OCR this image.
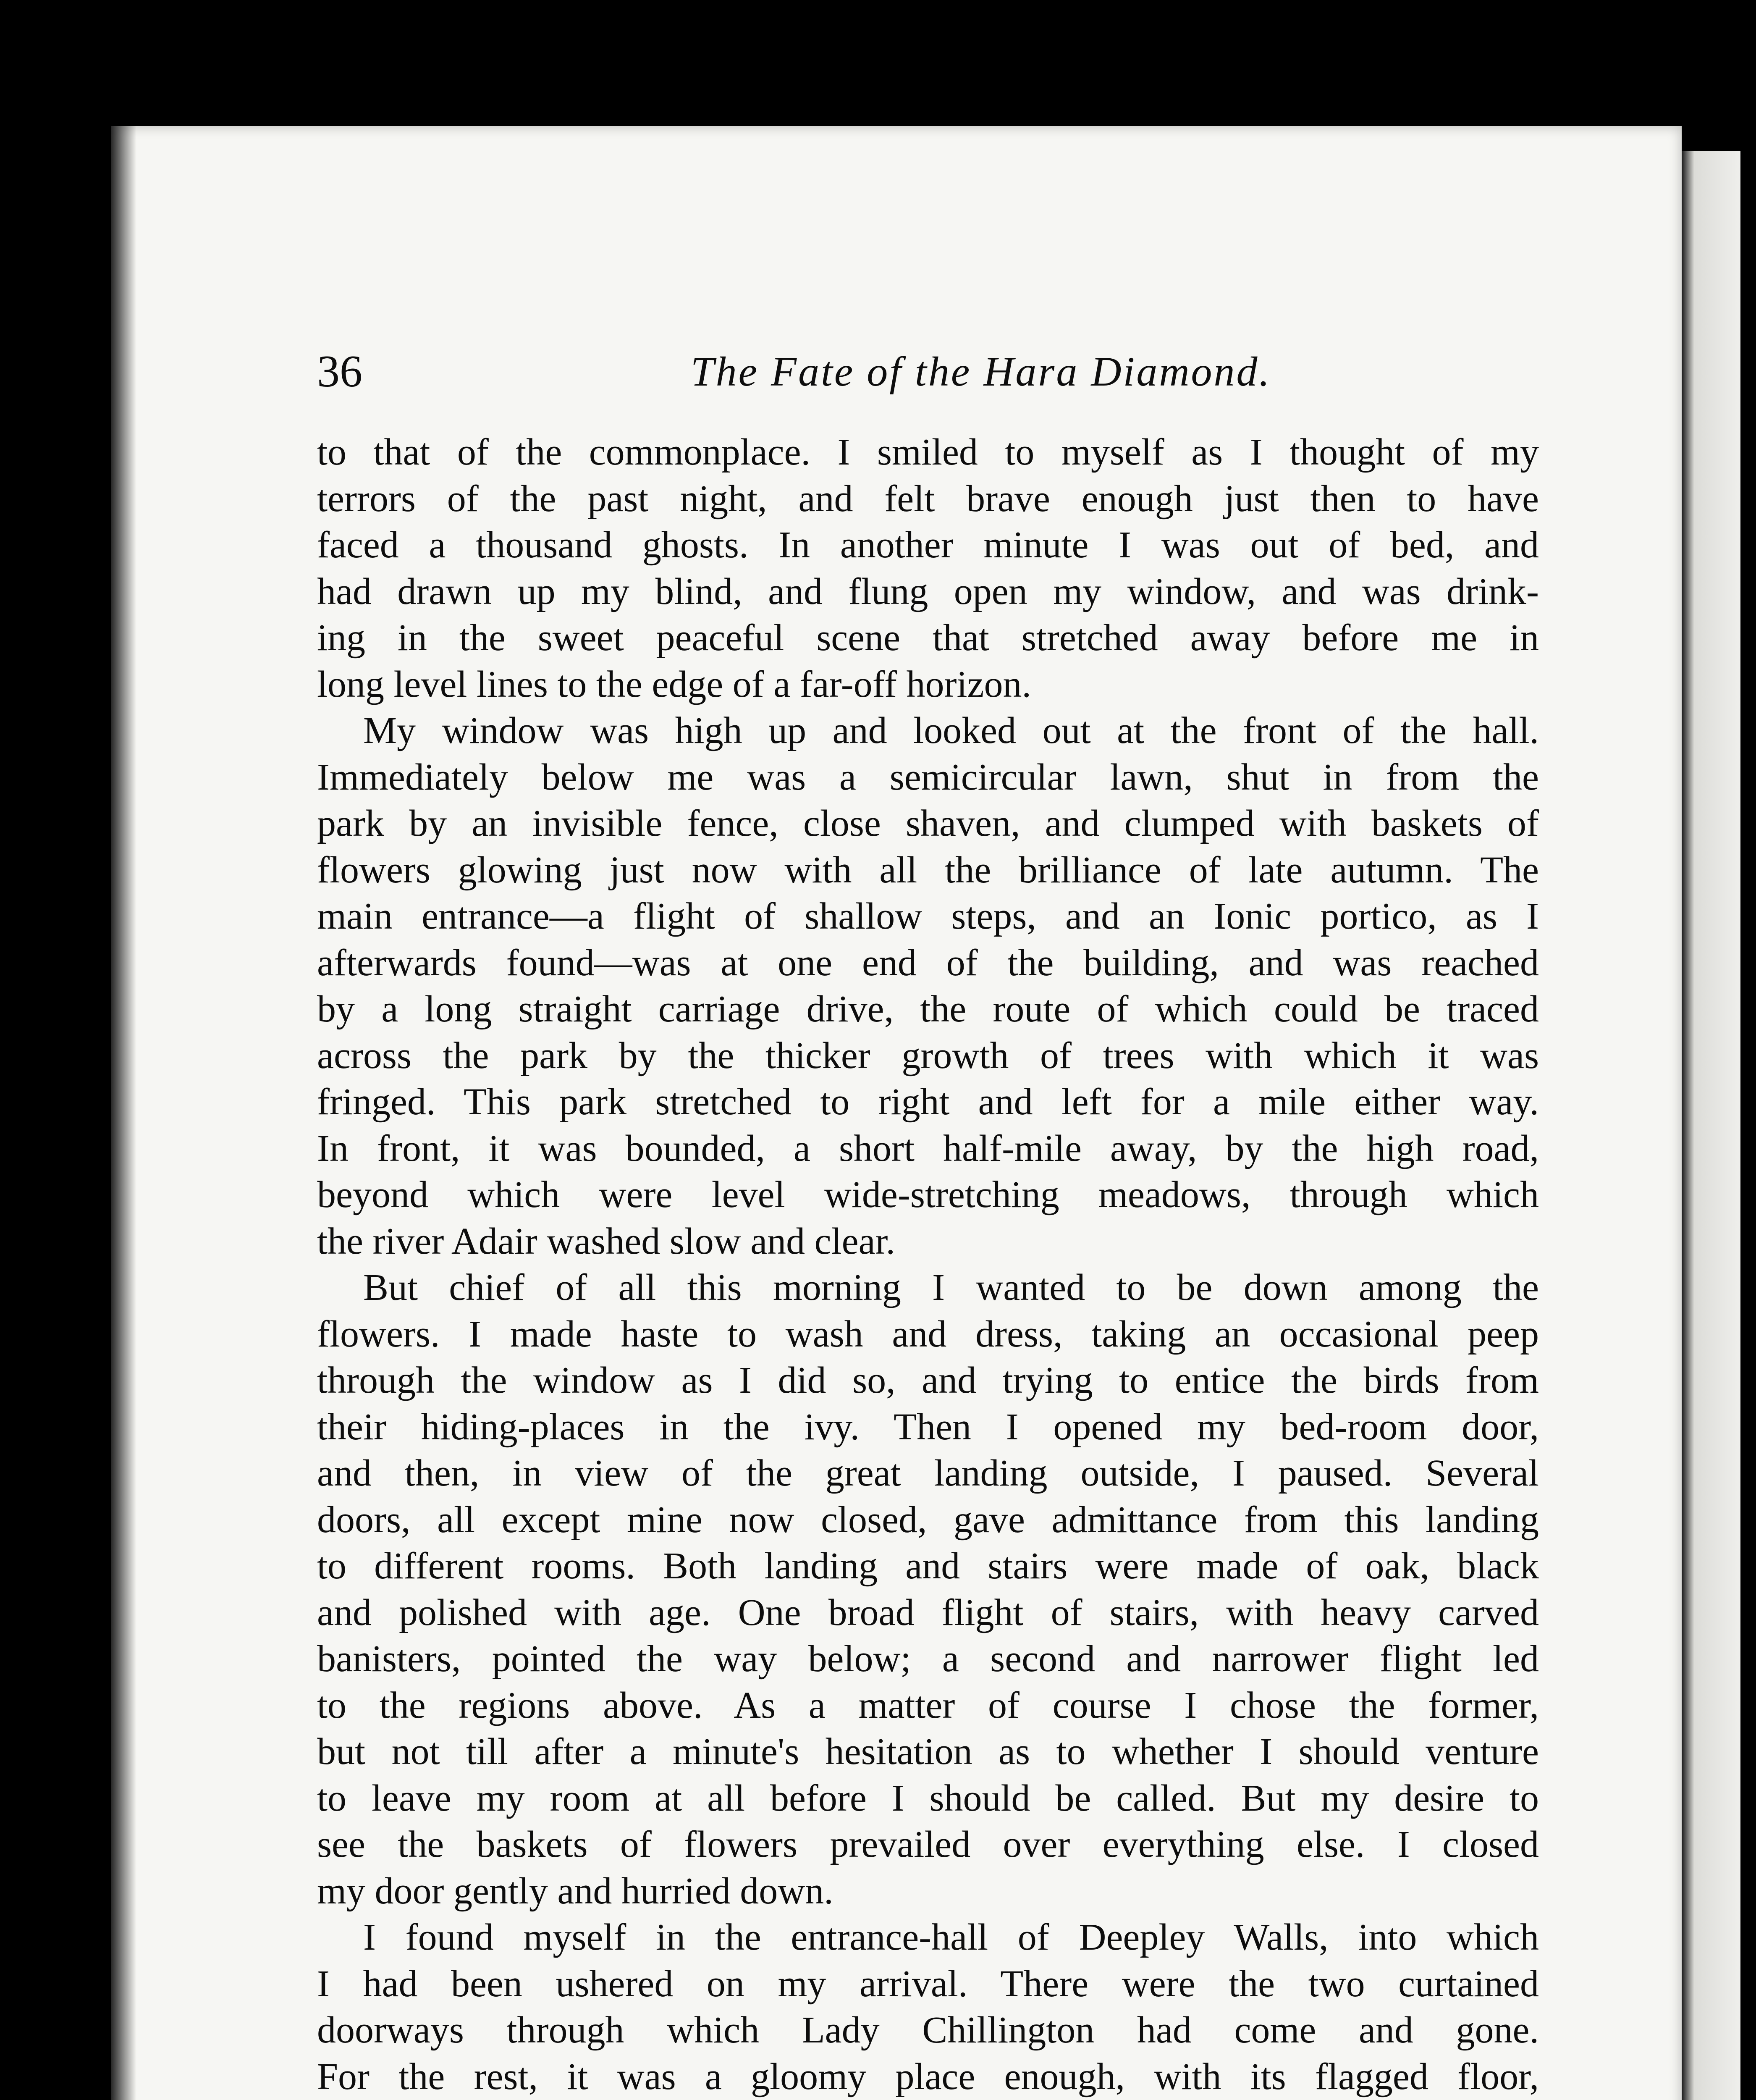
36	The Fate of the Hara Diamond.
to that of the commonplace. I smiled to myself as I thought of my
terrors of the past night, and felt brave enough just then to have
faced a thousand ghosts. In another minute I was out of bed, and
had drawn up my blind, and flung open my window, and was drink-
ing in the sweet peaceful scene that stretched away before me in
long level lines to the edge of a far-off horizon.
My window was high up and looked out at the front of the hall.
Immediately below me was a semicircular lawn, shut in from the
park by an invisible fence, close shaven, and clumped with baskets of
flowers glowing just now with all the brilliance of late autumn. The
main entrance—a flight of shallow steps, and an Ionic portico, as I
afterwards found—was at one end of the building, and was reached
by a long straight carriage drive, the route of which could be traced
across the park by the thicker growth of trees with which it was
fringed. This park stretched to right and left for a mile either way.
In front, it was bounded, a short half-mile away, by the high road,
beyond which were level wide-stretching meadows, through which
the river Adair washed slow and clear.
But chief of all this morning I wanted to be down among the
flowers. I made haste to wash and dress, taking an occasional peep
through the window as I did so, and trying to entice the birds from
their hiding-places in the ivy. Then I opened my bed-room door,
and then, in view of the great landing outside, I paused. Several
doors, all except mine now closed, gave admittance from this landing
to different rooms. Both landing and stairs were made of oak, black
and polished with age. One broad flight of stairs, with heavy carved
banisters, pointed the way below; a second and narrower flight led
to the regions above. As a matter of course I chose the former,
but not till after a minute's hesitation as to whether I should venture
to leave my room at all before I should be called. But my desire to
see the baskets of flowers prevailed over everything else. I closed
my door gently and hurried down.
I found myself in the entrance-hall of Deepley Walls, into which
I had been ushered on my arrival. There were the two curtained
doorways through which Lady Chillington had come and gone.
For the rest, it was a gloomy place enough, with its flagged floor,
